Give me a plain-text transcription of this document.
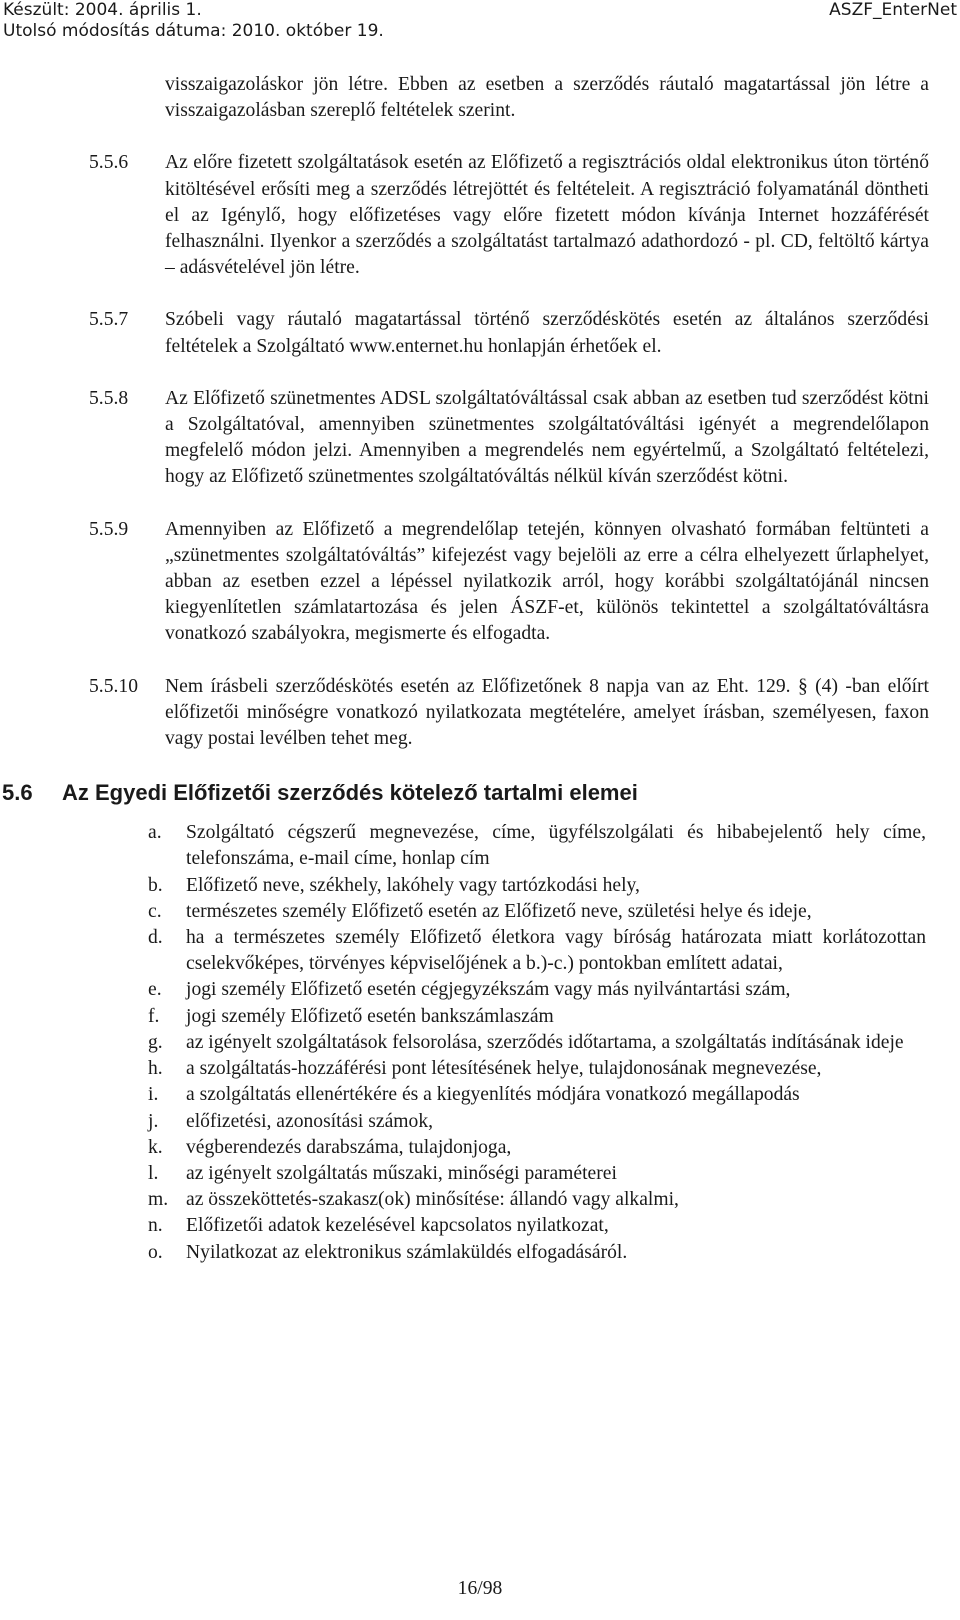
Készült: 2004. április 1.
Utolsó módosítás dátuma: 2010. október 19.
ASZF_EnterNet

visszaigazoláskor jön létre. Ebben az esetben a szerződés ráutaló magatartással jön létre a visszaigazolásban szereplő feltételek szerint.

5.5.6 Az előre fizetett szolgáltatások esetén az Előfizető a regisztrációs oldal elektronikus úton történő kitöltésével erősíti meg a szerződés létrejöttét és feltételeit. A regisztráció folyamatánál döntheti el az Igénylő, hogy előfizetéses vagy előre fizetett módon kívánja Internet hozzáférését felhasználni. Ilyenkor a szerződés a szolgáltatást tartalmazó adathordozó - pl. CD, feltöltő kártya – adásvételével jön létre.

5.5.7 Szóbeli vagy ráutaló magatartással történő szerződéskötés esetén az általános szerződési feltételek a Szolgáltató www.enternet.hu honlapján érhetőek el.

5.5.8 Az Előfizető szünetmentes ADSL szolgáltatóváltással csak abban az esetben tud szerződést kötni a Szolgáltatóval, amennyiben szünetmentes szolgáltatóváltási igényét a megrendelőlapon megfelelő módon jelzi. Amennyiben a megrendelés nem egyértelmű, a Szolgáltató feltételezi, hogy az Előfizető szünetmentes szolgáltatóváltás nélkül kíván szerződést kötni.

5.5.9 Amennyiben az Előfizető a megrendelőlap tetején, könnyen olvasható formában feltünteti a „szünetmentes szolgáltatóváltás” kifejezést vagy bejelöli az erre a célra elhelyezett űrlaphelyet, abban az esetben ezzel a lépéssel nyilatkozik arról, hogy korábbi szolgáltatójánál nincsen kiegyenlítetlen számlatartozása és jelen ÁSZF-et, különös tekintettel a szolgáltatóváltásra vonatkozó szabályokra, megismerte és elfogadta.

5.5.10 Nem írásbeli szerződéskötés esetén az Előfizetőnek 8 napja van az Eht. 129. § (4) -ban előírt előfizetői minőségre vonatkozó nyilatkozata megtételére, amelyet írásban, személyesen, faxon vagy postai levélben tehet meg.

5.6 Az Egyedi Előfizetői szerződés kötelező tartalmi elemei
a. Szolgáltató cégszerű megnevezése, címe, ügyfélszolgálati és hibabejelentő hely címe, telefonszáma, e-mail címe, honlap cím
b. Előfizető neve, székhely, lakóhely vagy tartózkodási hely,
c. természetes személy Előfizető esetén az Előfizető neve, születési helye és ideje,
d. ha a természetes személy Előfizető életkora vagy bíróság határozata miatt korlátozottan cselekvőképes, törvényes képviselőjének a b.)-c.) pontokban említett adatai,
e. jogi személy Előfizető esetén cégjegyzékszám vagy más nyilvántartási szám,
f. jogi személy Előfizető esetén bankszámlaszám
g. az igényelt szolgáltatások felsorolása, szerződés időtartama, a szolgáltatás indításának ideje
h. a szolgáltatás-hozzáférési pont létesítésének helye, tulajdonosának megnevezése,
i. a szolgáltatás ellenértékére és a kiegyenlítés módjára vonatkozó megállapodás
j. előfizetési, azonosítási számok,
k. végberendezés darabszáma, tulajdonjoga,
l. az igényelt szolgáltatás műszaki, minőségi paraméterei
m. az összeköttetés-szakasz(ok) minősítése: állandó vagy alkalmi,
n. Előfizetői adatok kezelésével kapcsolatos nyilatkozat,
o. Nyilatkozat az elektronikus számlaküldés elfogadásáról.
16/98
